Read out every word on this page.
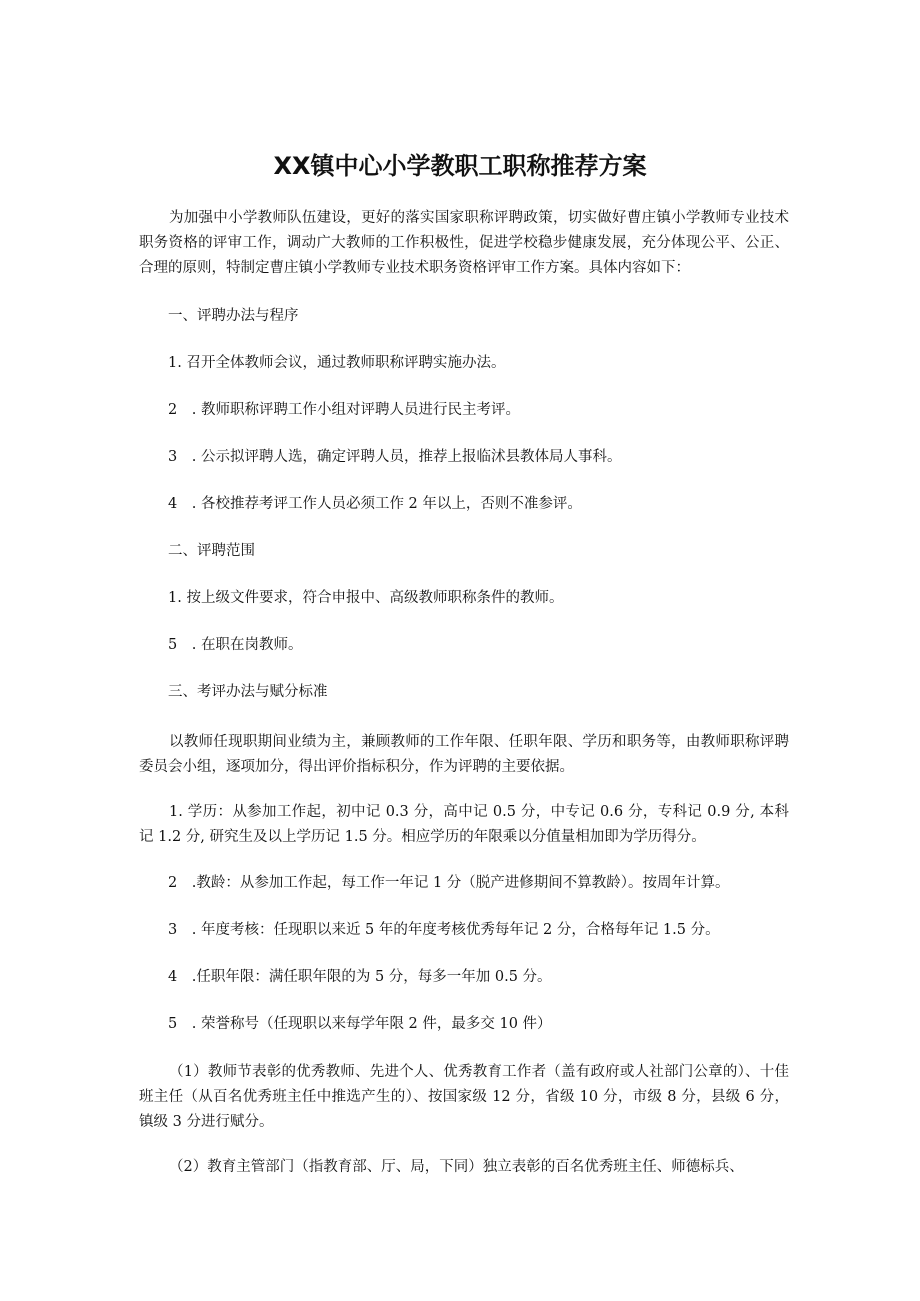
XX镇中心小学教职工职称推荐方案
为加强中小学教师队伍建设，更好的落实国家职称评聘政策，切实做好曹庄镇小学教师专业技术职务资格的评审工作，调动广大教师的工作积极性，促进学校稳步健康发展，充分体现公平、公正、合理的原则，特制定曹庄镇小学教师专业技术职务资格评审工作方案。具体内容如下：
一、评聘办法与程序
1. 召开全体教师会议，通过教师职称评聘实施办法。
2　. 教师职称评聘工作小组对评聘人员进行民主考评。
3　. 公示拟评聘人选，确定评聘人员，推荐上报临沭县教体局人事科。
4　. 各校推荐考评工作人员必须工作 2 年以上，否则不准参评。
二、评聘范围
1. 按上级文件要求，符合申报中、高级教师职称条件的教师。
5　. 在职在岗教师。
三、考评办法与赋分标准
以教师任现职期间业绩为主，兼顾教师的工作年限、任职年限、学历和职务等，由教师职称评聘委员会小组，逐项加分，得出评价指标积分，作为评聘的主要依据。
1. 学历：从参加工作起，初中记 0.3 分，高中记 0.5 分，中专记 0.6 分，专科记 0.9 分, 本科记 1.2 分, 研究生及以上学历记 1.5 分。相应学历的年限乘以分值量相加即为学历得分。
2　.教龄：从参加工作起，每工作一年记 1 分（脱产进修期间不算教龄）。按周年计算。
3　. 年度考核：任现职以来近 5 年的年度考核优秀每年记 2 分，合格每年记 1.5 分。
4　.任职年限：满任职年限的为 5 分，每多一年加 0.5 分。
5　. 荣誉称号（任现职以来每学年限 2 件，最多交 10 件）
（1）教师节表彰的优秀教师、先进个人、优秀教育工作者（盖有政府或人社部门公章的）、十佳班主任（从百名优秀班主任中推选产生的）、按国家级 12 分，省级 10 分，市级 8 分，县级 6 分，镇级 3 分进行赋分。
（2）教育主管部门（指教育部、厅、局，下同）独立表彰的百名优秀班主任、师德标兵、
